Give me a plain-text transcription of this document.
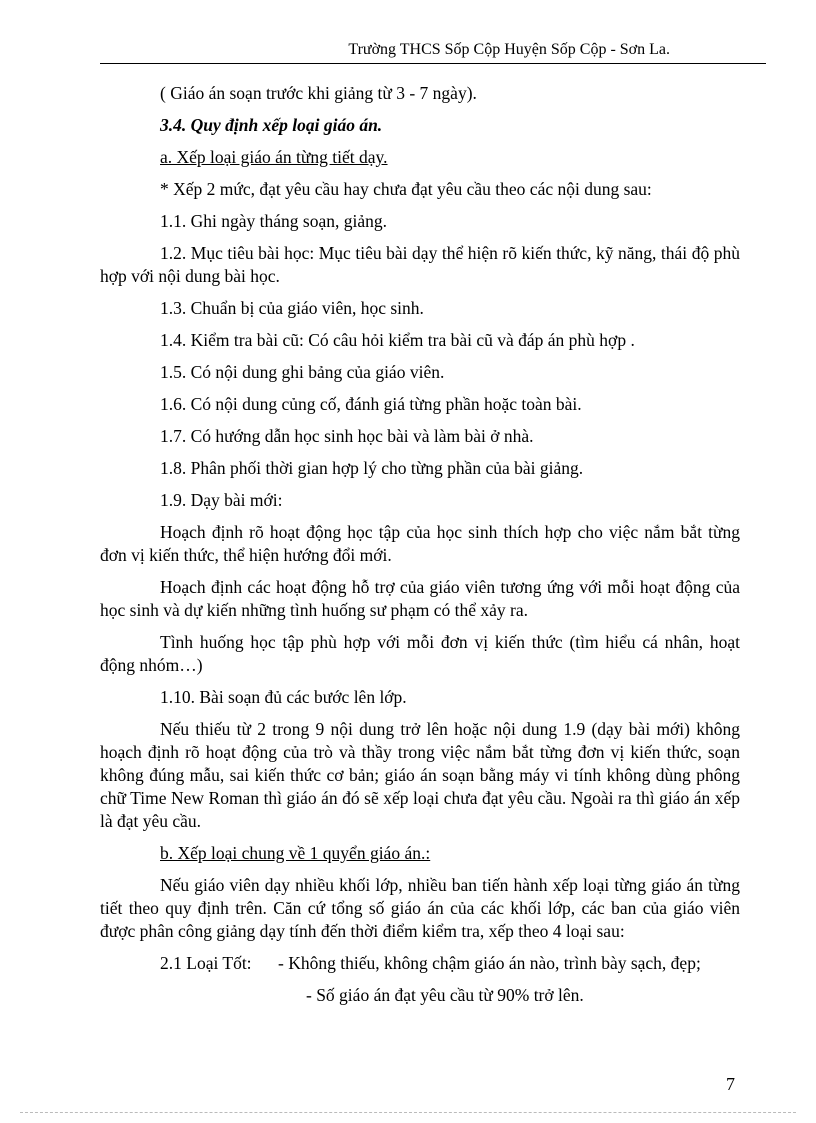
Trường THCS Sốp Cộp Huyện Sốp Cộp - Sơn La.

( Giáo án soạn trước khi giảng từ 3 - 7 ngày).

3.4. Quy định xếp loại giáo án.

a. Xếp loại giáo án từng tiết dạy.

* Xếp 2 mức, đạt yêu cầu hay chưa đạt yêu cầu theo các nội dung sau:

1.1. Ghi ngày tháng soạn, giảng.

1.2. Mục tiêu bài học: Mục tiêu bài dạy thể hiện rõ kiến thức, kỹ năng, thái độ phù hợp với nội dung bài học.

1.3. Chuẩn bị của giáo viên, học sinh.

1.4. Kiểm tra bài cũ: Có câu hỏi kiểm tra bài cũ và đáp án phù hợp .

1.5. Có nội dung ghi bảng của giáo viên.

1.6. Có nội dung củng cố, đánh giá từng phần hoặc toàn bài.

1.7. Có hướng dẫn học sinh học bài và làm bài ở nhà.

1.8. Phân phối thời gian hợp lý cho từng phần của bài giảng.

1.9. Dạy bài mới:

Hoạch định rõ hoạt động học tập của học sinh thích hợp cho việc nắm bắt từng đơn vị kiến thức, thể hiện hướng đổi mới.

Hoạch định các hoạt động hỗ trợ của giáo viên tương ứng với mỗi hoạt động của học sinh và dự kiến những tình huống sư phạm có thể xảy ra.

Tình huống học tập phù hợp với mỗi đơn vị kiến thức (tìm hiểu cá nhân, hoạt động nhóm…)

1.10. Bài soạn đủ các bước lên lớp.

Nếu thiếu từ 2 trong 9 nội dung trở lên hoặc nội dung 1.9 (dạy bài mới) không hoạch định rõ hoạt động của trò và thầy trong việc nắm bắt từng đơn vị kiến thức, soạn không đúng mẫu, sai kiến thức cơ bản; giáo án soạn bằng máy vi tính không dùng phông chữ Time New Roman thì giáo án đó sẽ xếp loại chưa đạt yêu cầu. Ngoài ra thì giáo án xếp là đạt yêu cầu.

b. Xếp loại chung về 1 quyển giáo án.:

Nếu giáo viên dạy nhiều khối lớp, nhiều ban tiến hành xếp loại từng giáo án từng tiết theo quy định trên. Căn cứ tổng số giáo án của các khối lớp, các ban của giáo viên được phân công giảng dạy tính đến thời điểm kiểm tra, xếp theo 4 loại sau:

2.1 Loại Tốt:	- Không thiếu, không chậm giáo án nào, trình bày sạch, đẹp;
- Số giáo án đạt yêu cầu từ 90% trở lên.
7
